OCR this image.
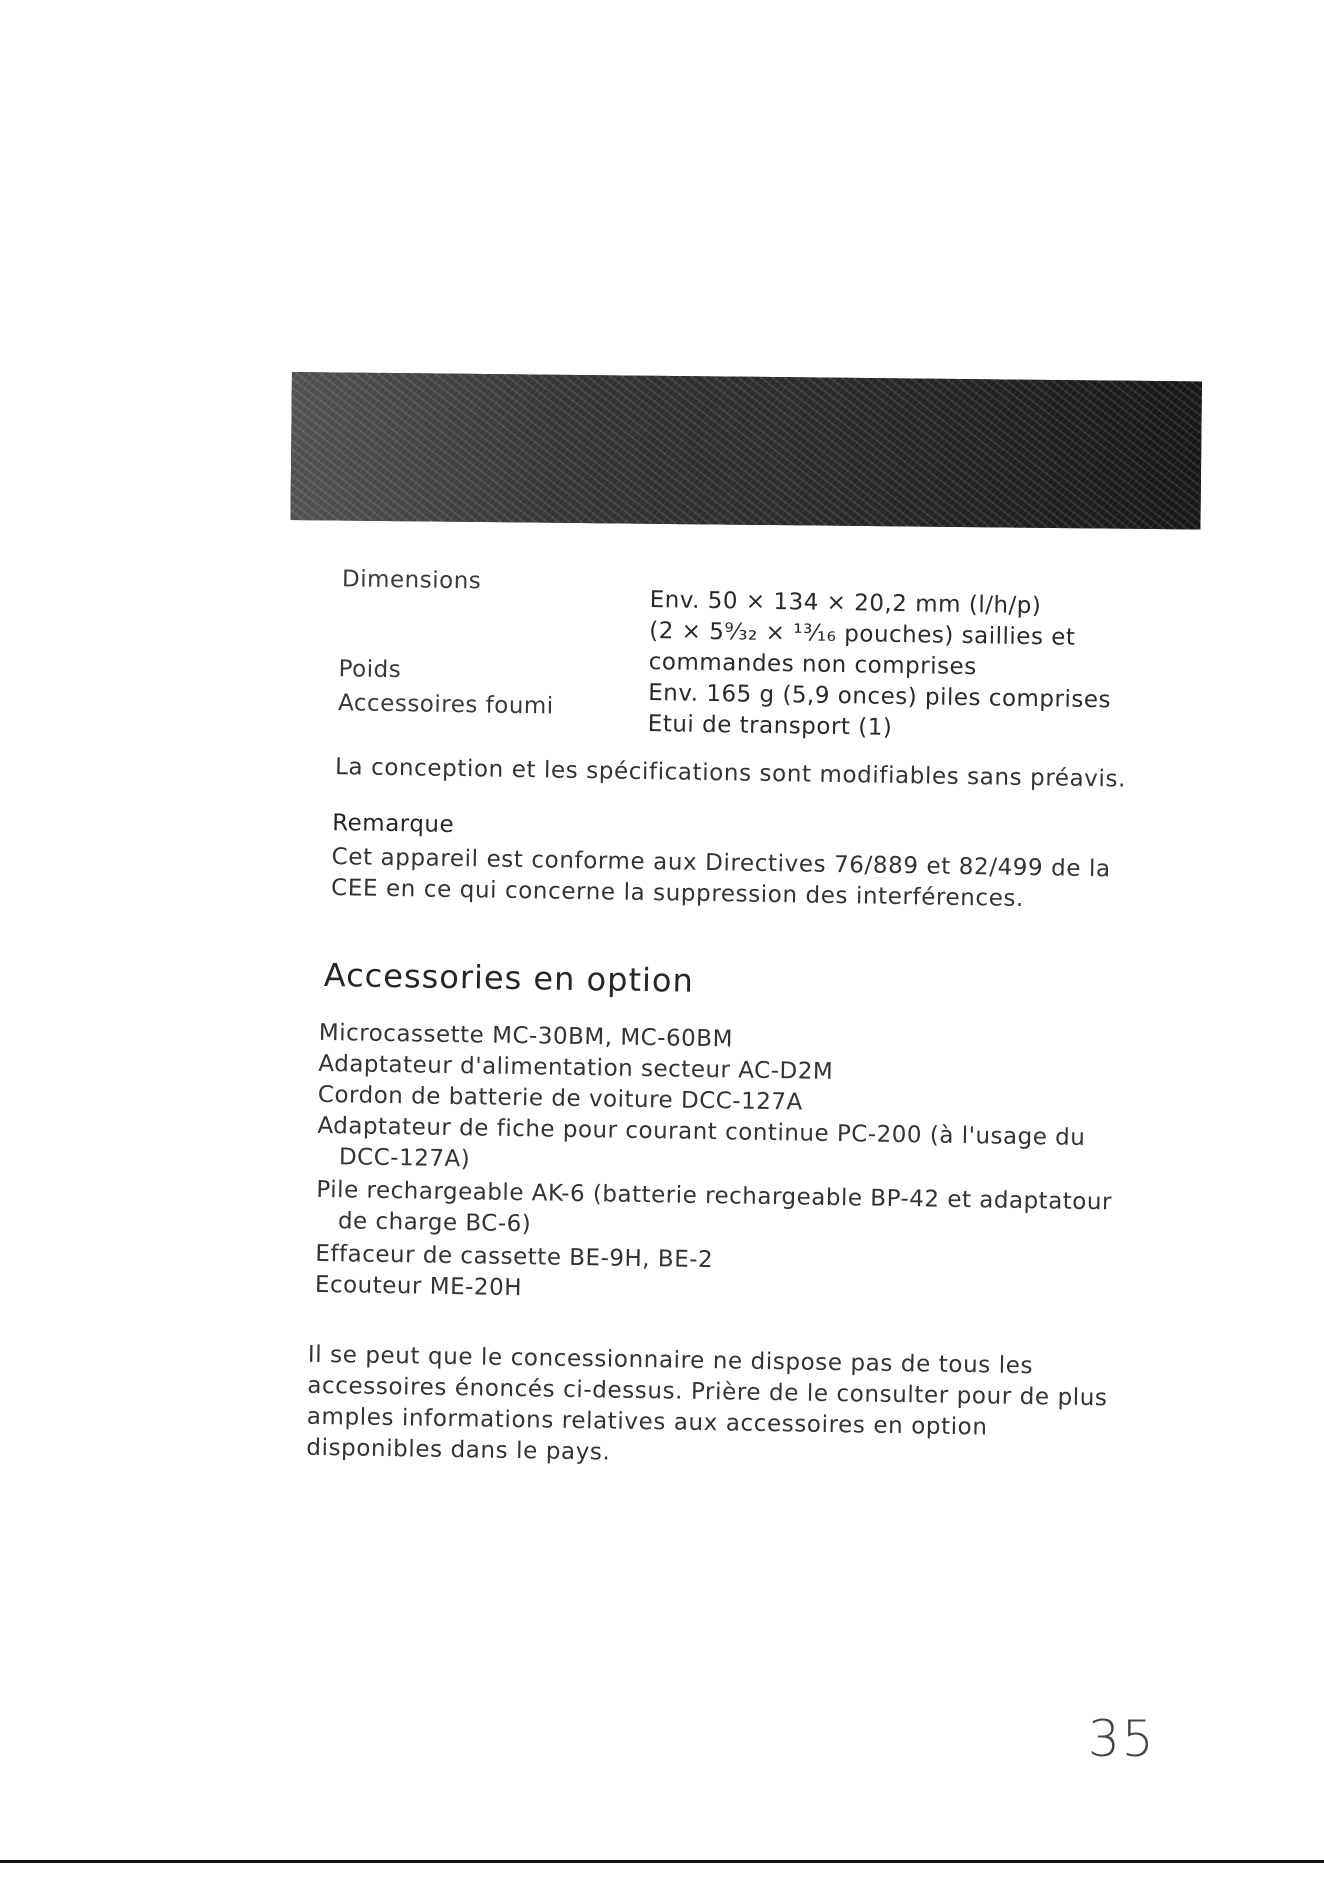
Dimensions
Env. 50 × 134 × 20,2 mm (l/h/p)
(2 × 5⁹⁄₃₂ × ¹³⁄₁₆ pouches) saillies et
commandes non comprises
Poids
Env. 165 g (5,9 onces) piles comprises
Accessoires foumi
Etui de transport (1)
La conception et les spécifications sont modifiables sans préavis.
Remarque
Cet appareil est conforme aux Directives 76/889 et 82/499 de la
CEE en ce qui concerne la suppression des interférences.
Accessories en option
Microcassette MC-30BM, MC-60BM
Adaptateur d'alimentation secteur AC-D2M
Cordon de batterie de voiture DCC-127A
Adaptateur de fiche pour courant continue PC-200 (à l'usage du
DCC-127A)
Pile rechargeable AK-6 (batterie rechargeable BP-42 et adaptatour
de charge BC-6)
Effaceur de cassette BE-9H, BE-2
Ecouteur ME-20H
Il se peut que le concessionnaire ne dispose pas de tous les
accessoires énoncés ci-dessus. Prière de le consulter pour de plus
amples informations relatives aux accessoires en option
disponibles dans le pays.
35
